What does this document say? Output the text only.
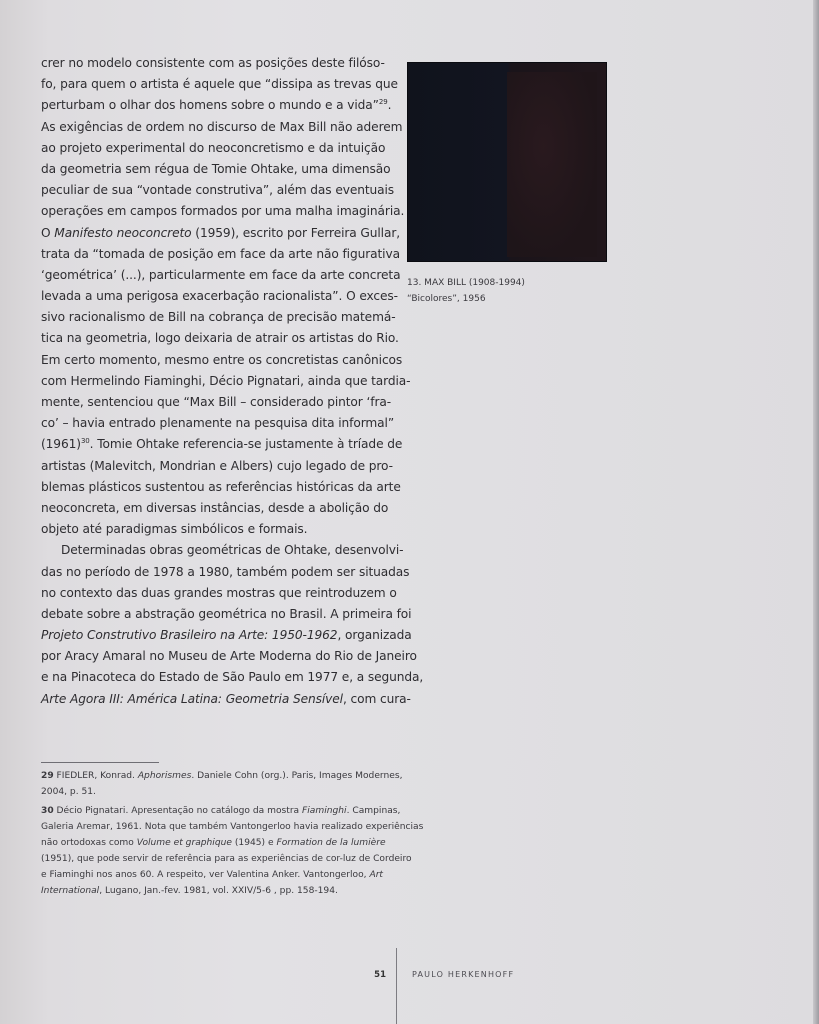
crer no modelo consistente com as posições deste filóso-
fo, para quem o artista é aquele que “dissipa as trevas que
perturbam o olhar dos homens sobre o mundo e a vida”$^{29}$.
As exigências de ordem no discurso de Max Bill não aderem
ao projeto experimental do neoconcretismo e da intuição
da geometria sem régua de Tomie Ohtake, uma dimensão
peculiar de sua “vontade construtiva”, além das eventuais
operações em campos formados por uma malha imaginária.
O Manifesto neoconcreto (1959), escrito por Ferreira Gullar,
trata da “tomada de posição em face da arte não figurativa
‘geométrica’ (...), particularmente em face da arte concreta
levada a uma perigosa exacerbação racionalista”. O exces-
sivo racionalismo de Bill na cobrança de precisão matemá-
tica na geometria, logo deixaria de atrair os artistas do Rio.
Em certo momento, mesmo entre os concretistas canônicos
com Hermelindo Fiaminghi, Décio Pignatari, ainda que tardia-
mente, sentenciou que “Max Bill – considerado pintor ‘fra-
co’ – havia entrado plenamente na pesquisa dita informal”
$(1961)^{30}$. Tomie Ohtake referencia-se justamente à tríade de
artistas (Malevitch, Mondrian e Albers) cujo legado de pro-
blemas plásticos sustentou as referências históricas da arte
neoconcreta, em diversas instâncias, desde a abolição do
objeto até paradigmas simbólicos e formais.
Determinadas obras geométricas de Ohtake, desenvolvi-
das no período de 1978 a 1980, também podem ser situadas
no contexto das duas grandes mostras que reintroduzem o
debate sobre a abstração geométrica no Brasil. A primeira foi
Projeto Construtivo Brasileiro na Arte: 1950-1962, organizada
por Aracy Amaral no Museu de Arte Moderna do Rio de Janeiro
e na Pinacoteca do Estado de São Paulo em 1977 e, a segunda,
Arte Agora III: América Latina: Geometria Sensível, com cura-
13. MAX BILL (1908-1994)
“Bicolores”, 1956
29 FIEDLER, Konrad. Aphorismes. Daniele Cohn (org.). Paris, Images Modernes,
2004, p. 51.
30 Décio Pignatari. Apresentação no catálogo da mostra Fiaminghi. Campinas,
Galeria Aremar, 1961. Nota que também Vantongerloo havia realizado experiências
não ortodoxas como Volume et graphique (1945) e Formation de la lumière
(1951), que pode servir de referência para as experiências de cor-luz de Cordeiro
e Fiaminghi nos anos 60. A respeito, ver Valentina Anker. Vantongerloo, Art
International, Lugano, Jan.-fev. 1981, vol. XXIV/5-6 , pp. 158-194.
51	PAULO HERKENHOFF
